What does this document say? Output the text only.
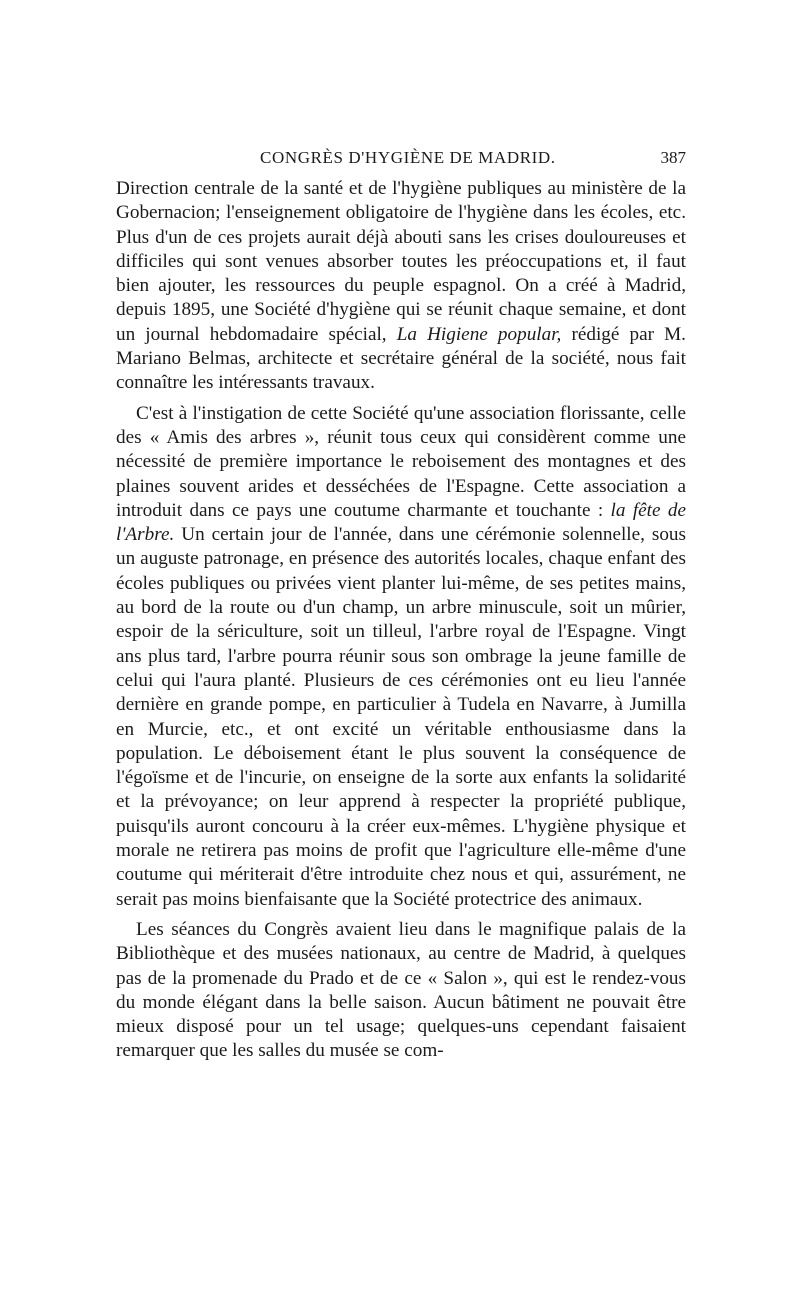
CONGRÈS D'HYGIÈNE DE MADRID.	387

Direction centrale de la santé et de l'hygiène publiques au ministère de la Gobernacion; l'enseignement obligatoire de l'hygiène dans les écoles, etc. Plus d'un de ces projets aurait déjà abouti sans les crises douloureuses et difficiles qui sont venues absorber toutes les préoccupations et, il faut bien ajouter, les ressources du peuple espagnol. On a créé à Madrid, depuis 1895, une Société d'hygiène qui se réunit chaque semaine, et dont un journal hebdomadaire spécial, La Higiene popular, rédigé par M. Mariano Belmas, architecte et secrétaire général de la société, nous fait connaître les intéressants travaux.

C'est à l'instigation de cette Société qu'une association florissante, celle des « Amis des arbres », réunit tous ceux qui considèrent comme une nécessité de première importance le reboisement des montagnes et des plaines souvent arides et desséchées de l'Espagne. Cette association a introduit dans ce pays une coutume charmante et touchante : la fête de l'Arbre. Un certain jour de l'année, dans une cérémonie solennelle, sous un auguste patronage, en présence des autorités locales, chaque enfant des écoles publiques ou privées vient planter lui-même, de ses petites mains, au bord de la route ou d'un champ, un arbre minuscule, soit un mûrier, espoir de la sériculture, soit un tilleul, l'arbre royal de l'Espagne. Vingt ans plus tard, l'arbre pourra réunir sous son ombrage la jeune famille de celui qui l'aura planté. Plusieurs de ces cérémonies ont eu lieu l'année dernière en grande pompe, en particulier à Tudela en Navarre, à Jumilla en Murcie, etc., et ont excité un véritable enthousiasme dans la population. Le déboisement étant le plus souvent la conséquence de l'égoïsme et de l'incurie, on enseigne de la sorte aux enfants la solidarité et la prévoyance; on leur apprend à respecter la propriété publique, puisqu'ils auront concouru à la créer eux-mêmes. L'hygiène physique et morale ne retirera pas moins de profit que l'agriculture elle-même d'une coutume qui mériterait d'être introduite chez nous et qui, assurément, ne serait pas moins bienfaisante que la Société protectrice des animaux.

Les séances du Congrès avaient lieu dans le magnifique palais de la Bibliothèque et des musées nationaux, au centre de Madrid, à quelques pas de la promenade du Prado et de ce « Salon », qui est le rendez-vous du monde élégant dans la belle saison. Aucun bâtiment ne pouvait être mieux disposé pour un tel usage; quelques-uns cependant faisaient remarquer que les salles du musée se com-
